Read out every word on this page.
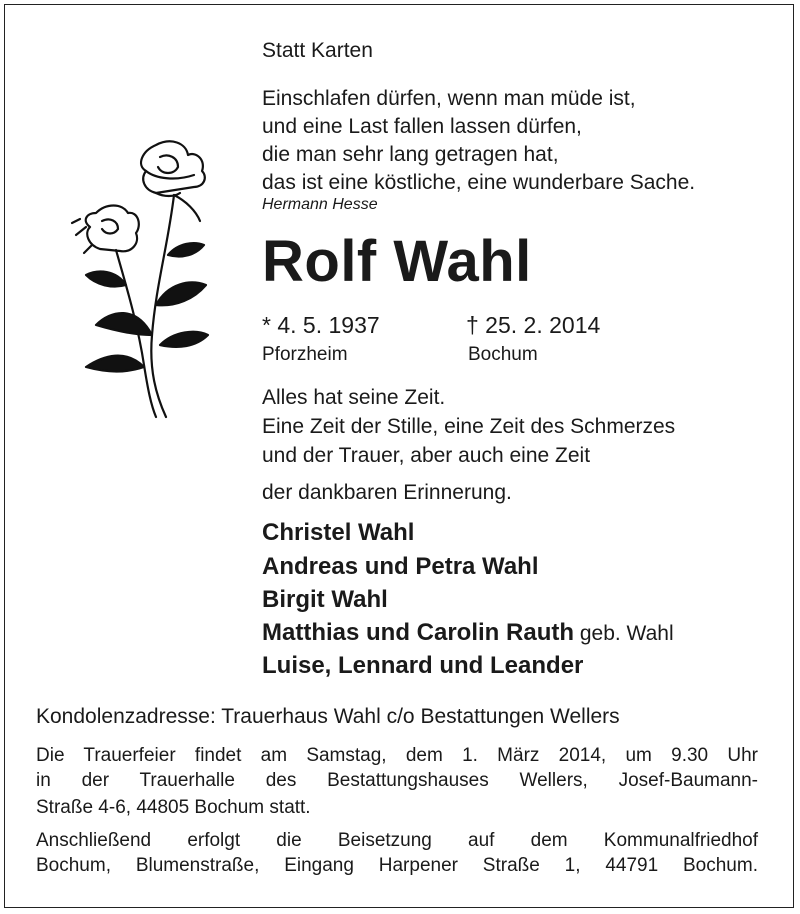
Statt Karten
Einschlafen dürfen, wenn man müde ist,
und eine Last fallen lassen dürfen,
die man sehr lang getragen hat,
das ist eine köstliche, eine wunderbare Sache.
Hermann Hesse
Rolf Wahl
* 4. 5. 1937
Pforzheim
† 25. 2. 2014
Bochum
Alles hat seine Zeit.
Eine Zeit der Stille, eine Zeit des Schmerzes
und der Trauer, aber auch eine Zeit
der dankbaren Erinnerung.
Christel Wahl
Andreas und Petra Wahl
Birgit Wahl
Matthias und Carolin Rauth geb. Wahl
Luise, Lennard und Leander
Kondolenzadresse: Trauerhaus Wahl c/o Bestattungen Wellers
Die Trauerfeier findet am Samstag, dem 1. März 2014, um 9.30 Uhr
in der Trauerhalle des Bestattungshauses Wellers, Josef-Baumann-
Straße 4-6, 44805 Bochum statt.
Anschließend erfolgt die Beisetzung auf dem Kommunalfriedhof
Bochum, Blumenstraße, Eingang Harpener Straße 1, 44791 Bochum.
